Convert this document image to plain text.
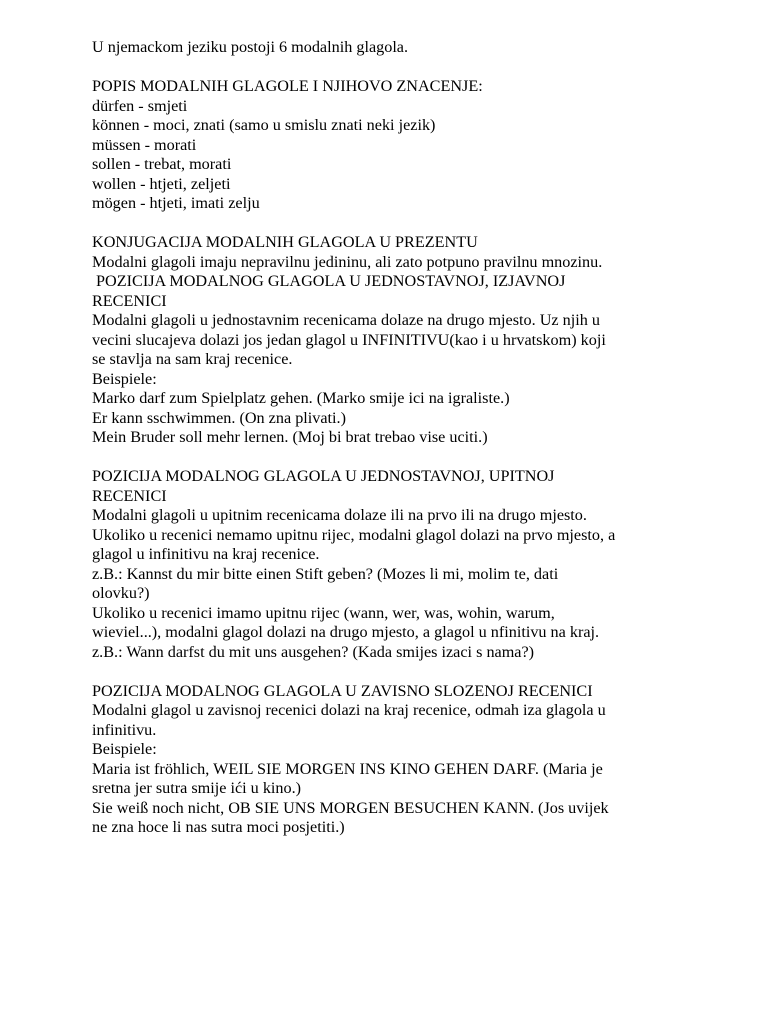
U njemackom jeziku postoji 6 modalnih glagola.
POPIS MODALNIH GLAGOLE I NJIHOVO ZNACENJE:
dürfen - smjeti
können - moci, znati (samo u smislu znati neki jezik)
müssen - morati
sollen - trebat, morati
wollen - htjeti, zeljeti
mögen - htjeti, imati zelju
KONJUGACIJA MODALNIH GLAGOLA U PREZENTU
Modalni glagoli imaju nepravilnu jedininu, ali zato potpuno pravilnu mnozinu.
POZICIJA MODALNOG GLAGOLA U JEDNOSTAVNOJ, IZJAVNOJ
RECENICI
Modalni glagoli u jednostavnim recenicama dolaze na drugo mjesto. Uz njih u
vecini slucajeva dolazi jos jedan glagol u INFINITIVU(kao i u hrvatskom) koji
se stavlja na sam kraj recenice.
Beispiele:
Marko darf zum Spielplatz gehen. (Marko smije ici na igraliste.)
Er kann sschwimmen. (On zna plivati.)
Mein Bruder soll mehr lernen. (Moj bi brat trebao vise uciti.)
POZICIJA MODALNOG GLAGOLA U JEDNOSTAVNOJ, UPITNOJ
RECENICI
Modalni glagoli u upitnim recenicama dolaze ili na prvo ili na drugo mjesto.
Ukoliko u recenici nemamo upitnu rijec, modalni glagol dolazi na prvo mjesto, a
glagol u infinitivu na kraj recenice.
z.B.: Kannst du mir bitte einen Stift geben? (Mozes li mi, molim te, dati
olovku?)
Ukoliko u recenici imamo upitnu rijec (wann, wer, was, wohin, warum,
wieviel...), modalni glagol dolazi na drugo mjesto, a glagol u nfinitivu na kraj.
z.B.: Wann darfst du mit uns ausgehen? (Kada smijes izaci s nama?)
POZICIJA MODALNOG GLAGOLA U ZAVISNO SLOZENOJ RECENICI
Modalni glagol u zavisnoj recenici dolazi na kraj recenice, odmah iza glagola u
infinitivu.
Beispiele:
Maria ist fröhlich, WEIL SIE MORGEN INS KINO GEHEN DARF. (Maria je
sretna jer sutra smije ići u kino.)
Sie weiß noch nicht, OB SIE UNS MORGEN BESUCHEN KANN. (Jos uvijek
ne zna hoce li nas sutra moci posjetiti.)
